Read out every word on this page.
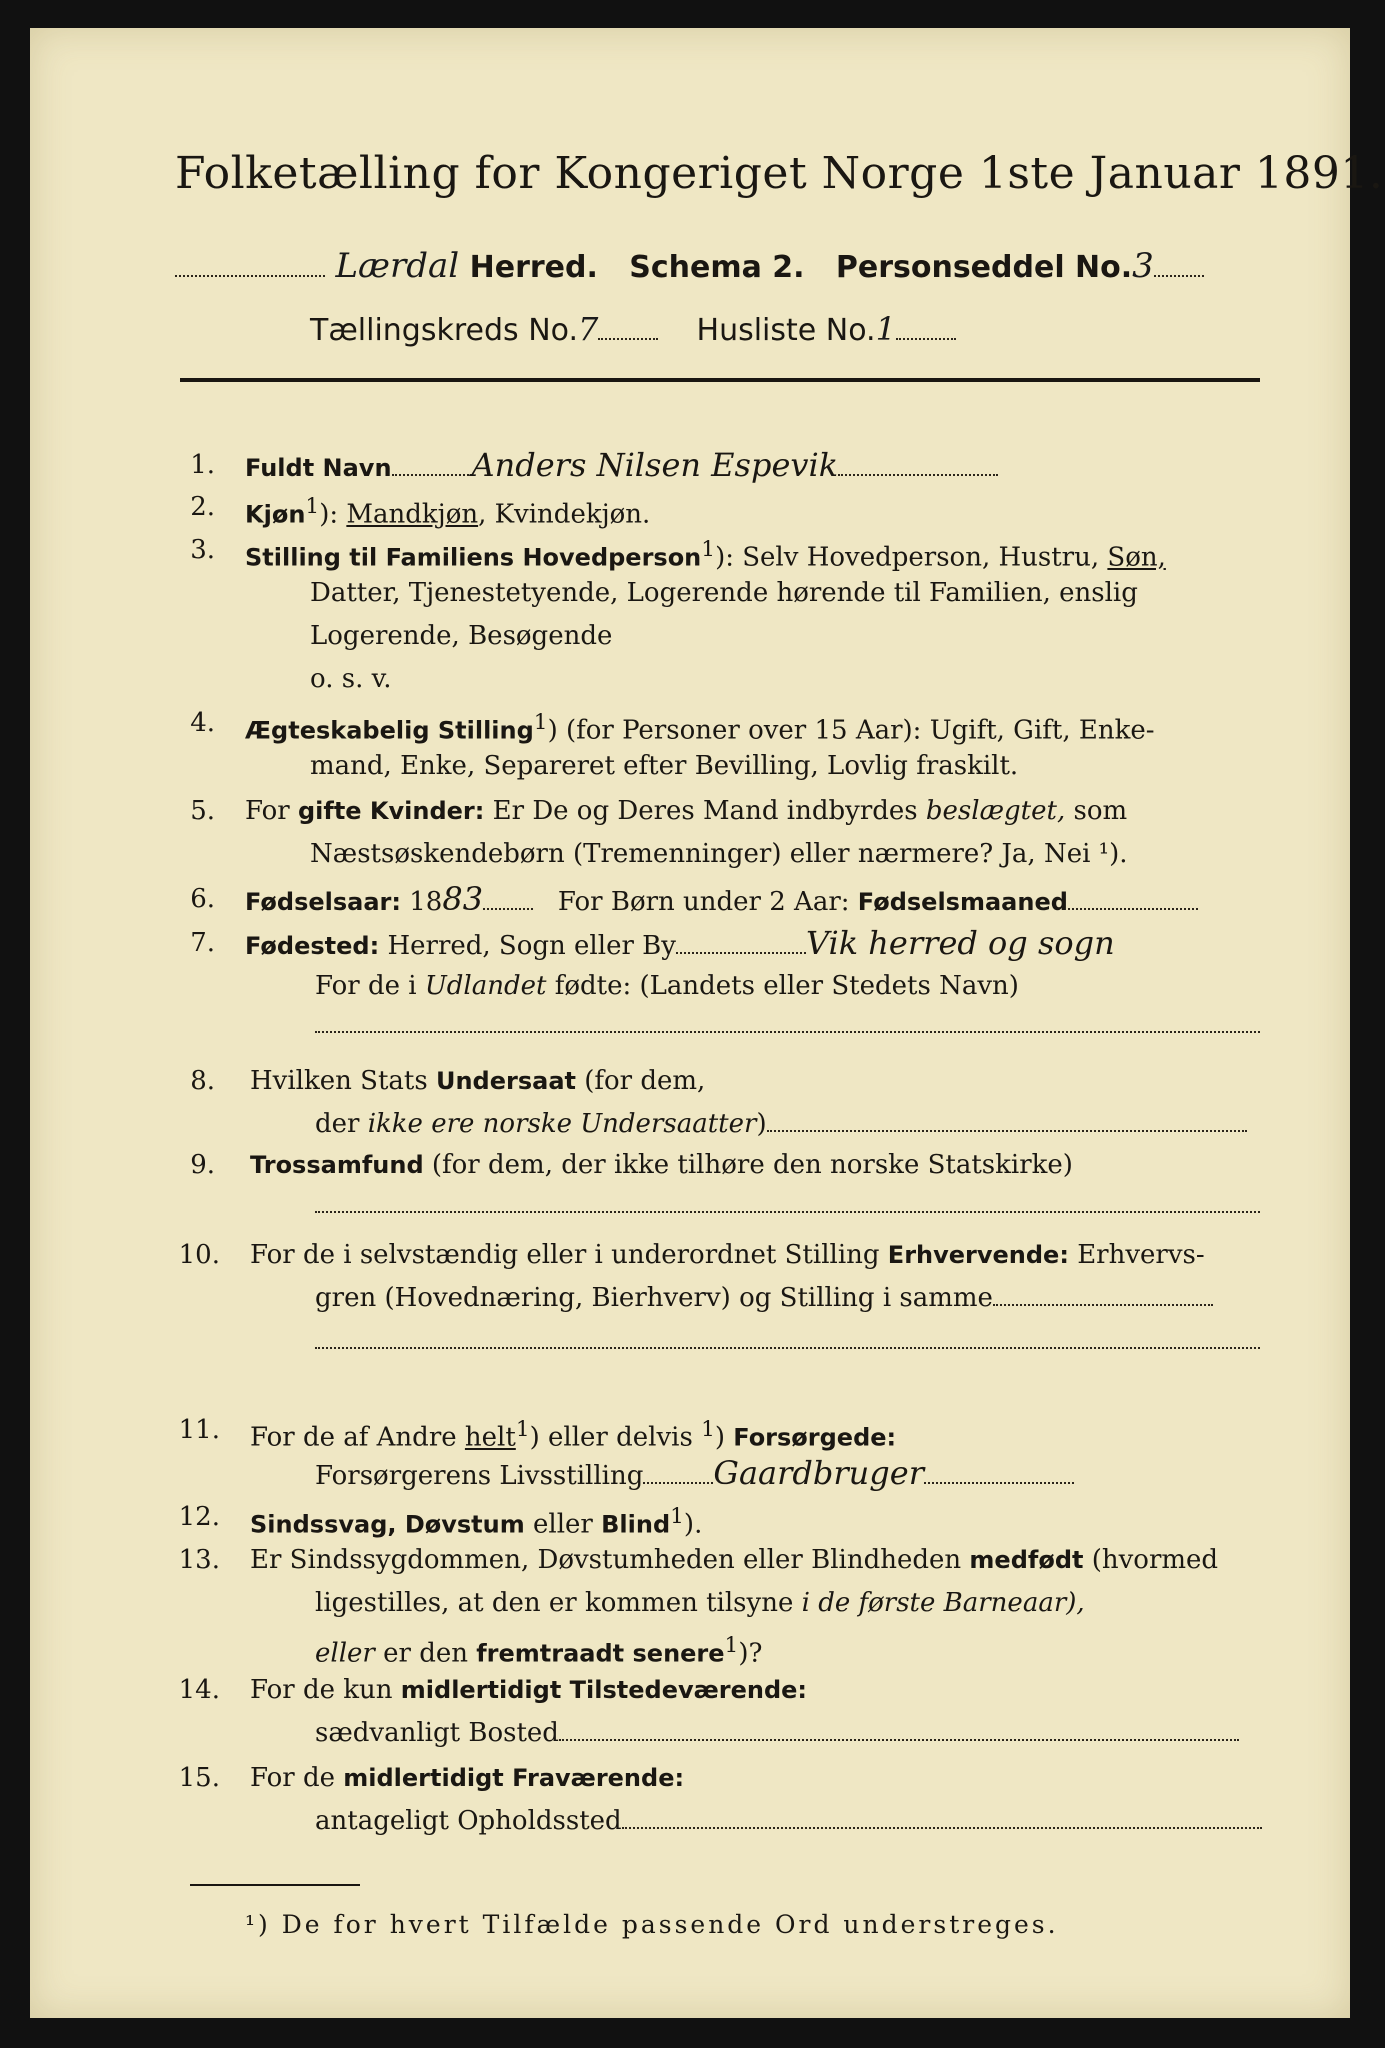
Folketælling for Kongeriget Norge 1ste Januar 1891.
Lærdal Herred. Schema 2. Personseddel No.3
Tællingskreds No.7	Husliste No.1
1. Fuldt Navn	Anders Nilsen Espevik
2. Kjøn$^1$): Mandkjøn, Kvindekjøn.
3. Stilling til Familiens Hovedperson$^1$): Selv Hovedperson, Hustru, Søn,
Datter, Tjenestetyende, Logerende hørende til Familien, enslig
Logerende, Besøgende
o. s. v.
4. Ægteskabelig Stilling$^1$) (for Personer over 15 Aar): Ugift, Gift, Enke-
mand, Enke, Separeret efter Bevilling, Lovlig fraskilt.
5. For gifte Kvinder: Er De og Deres Mand indbyrdes beslægtet, som
Næstsøskendebørn (Tremenninger) eller nærmere? Ja, Nei ¹).
6. Fødselsaar: 1883	For Børn under 2 Aar: Fødselsmaaned
7. Fødested: Herred, Sogn eller By	Vik herred og sogn
For de i Udlandet fødte: (Landets eller Stedets Navn)
8. Hvilken Stats Undersaat (for dem,
der ikke ere norske Undersaatter)
9. Trossamfund (for dem, der ikke tilhøre den norske Statskirke)
10. For de i selvstændig eller i underordnet Stilling Erhvervende: Erhvervs-
gren (Hovednæring, Bierhverv) og Stilling i samme
11. For de af Andre helt$^1$) eller delvis $^1$) Forsørgede:
Forsørgerens Livsstilling Gaardbruger
12. Sindssvag, Døvstum eller Blind$^1$).
13. Er Sindssygdommen, Døvstumheden eller Blindheden medfødt (hvormed
ligestilles, at den er kommen tilsyne i de første Barneaar),
eller er den fremtraadt senere$^1$)?
14. For de kun midlertidigt Tilstedeværende:
sædvanligt Bosted
15. For de midlertidigt Fraværende:
antageligt Opholdssted
¹) De for hvert Tilfælde passende Ord understreges.
